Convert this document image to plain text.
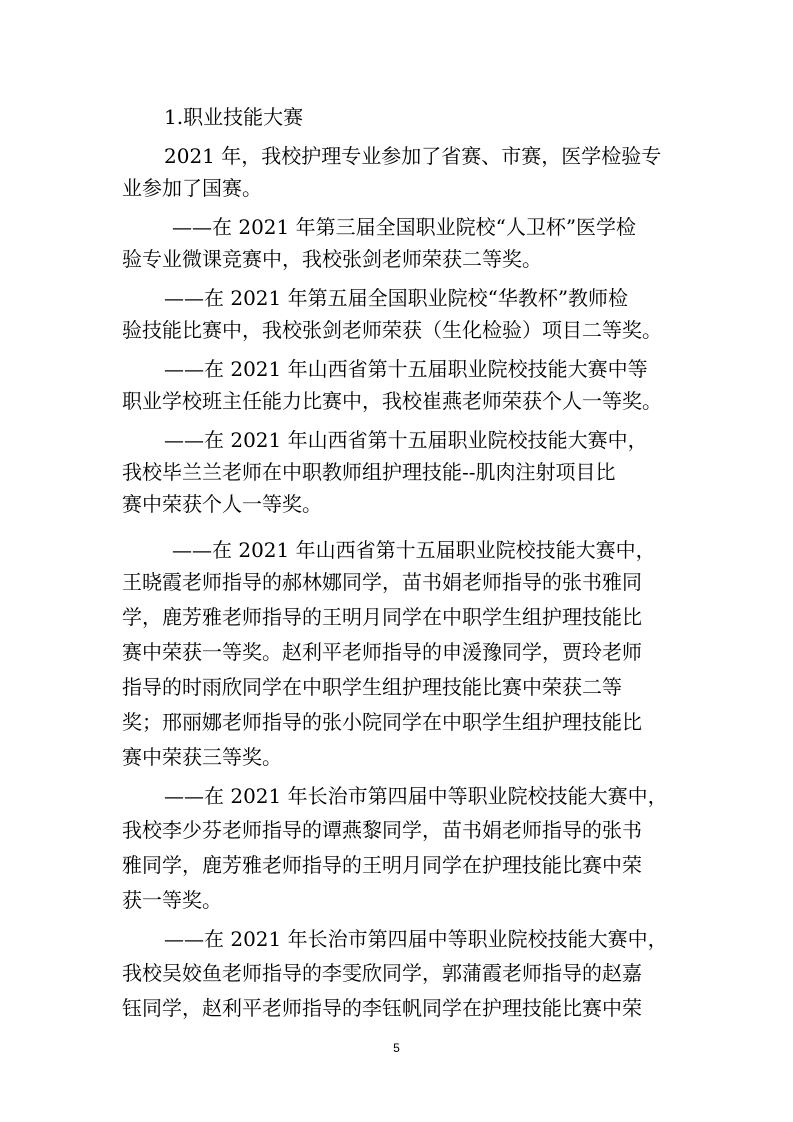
1.职业技能大赛
2021 年，我校护理专业参加了省赛、市赛，医学检验专
业参加了国赛。
——在 2021 年第三届全国职业院校“人卫杯”医学检
验专业微课竞赛中，我校张剑老师荣获二等奖。
——在 2021 年第五届全国职业院校“华教杯”教师检
验技能比赛中，我校张剑老师荣获（生化检验）项目二等奖。
——在 2021 年山西省第十五届职业院校技能大赛中等
职业学校班主任能力比赛中，我校崔燕老师荣获个人一等奖。
——在 2021 年山西省第十五届职业院校技能大赛中，
我校毕兰兰老师在中职教师组护理技能--肌肉注射项目比
赛中荣获个人一等奖。
——在 2021 年山西省第十五届职业院校技能大赛中，
王晓霞老师指导的郝林娜同学，苗书娟老师指导的张书雅同
学，鹿芳雅老师指导的王明月同学在中职学生组护理技能比
赛中荣获一等奖。赵利平老师指导的申湲豫同学，贾玲老师
指导的时雨欣同学在中职学生组护理技能比赛中荣获二等
奖；邢丽娜老师指导的张小院同学在中职学生组护理技能比
赛中荣获三等奖。
——在 2021 年长治市第四届中等职业院校技能大赛中，
我校李少芬老师指导的谭燕黎同学，苗书娟老师指导的张书
雅同学，鹿芳雅老师指导的王明月同学在护理技能比赛中荣
获一等奖。
——在 2021 年长治市第四届中等职业院校技能大赛中，
我校吴姣鱼老师指导的李雯欣同学，郭蒲霞老师指导的赵嘉
钰同学，赵利平老师指导的李钰帆同学在护理技能比赛中荣
5
